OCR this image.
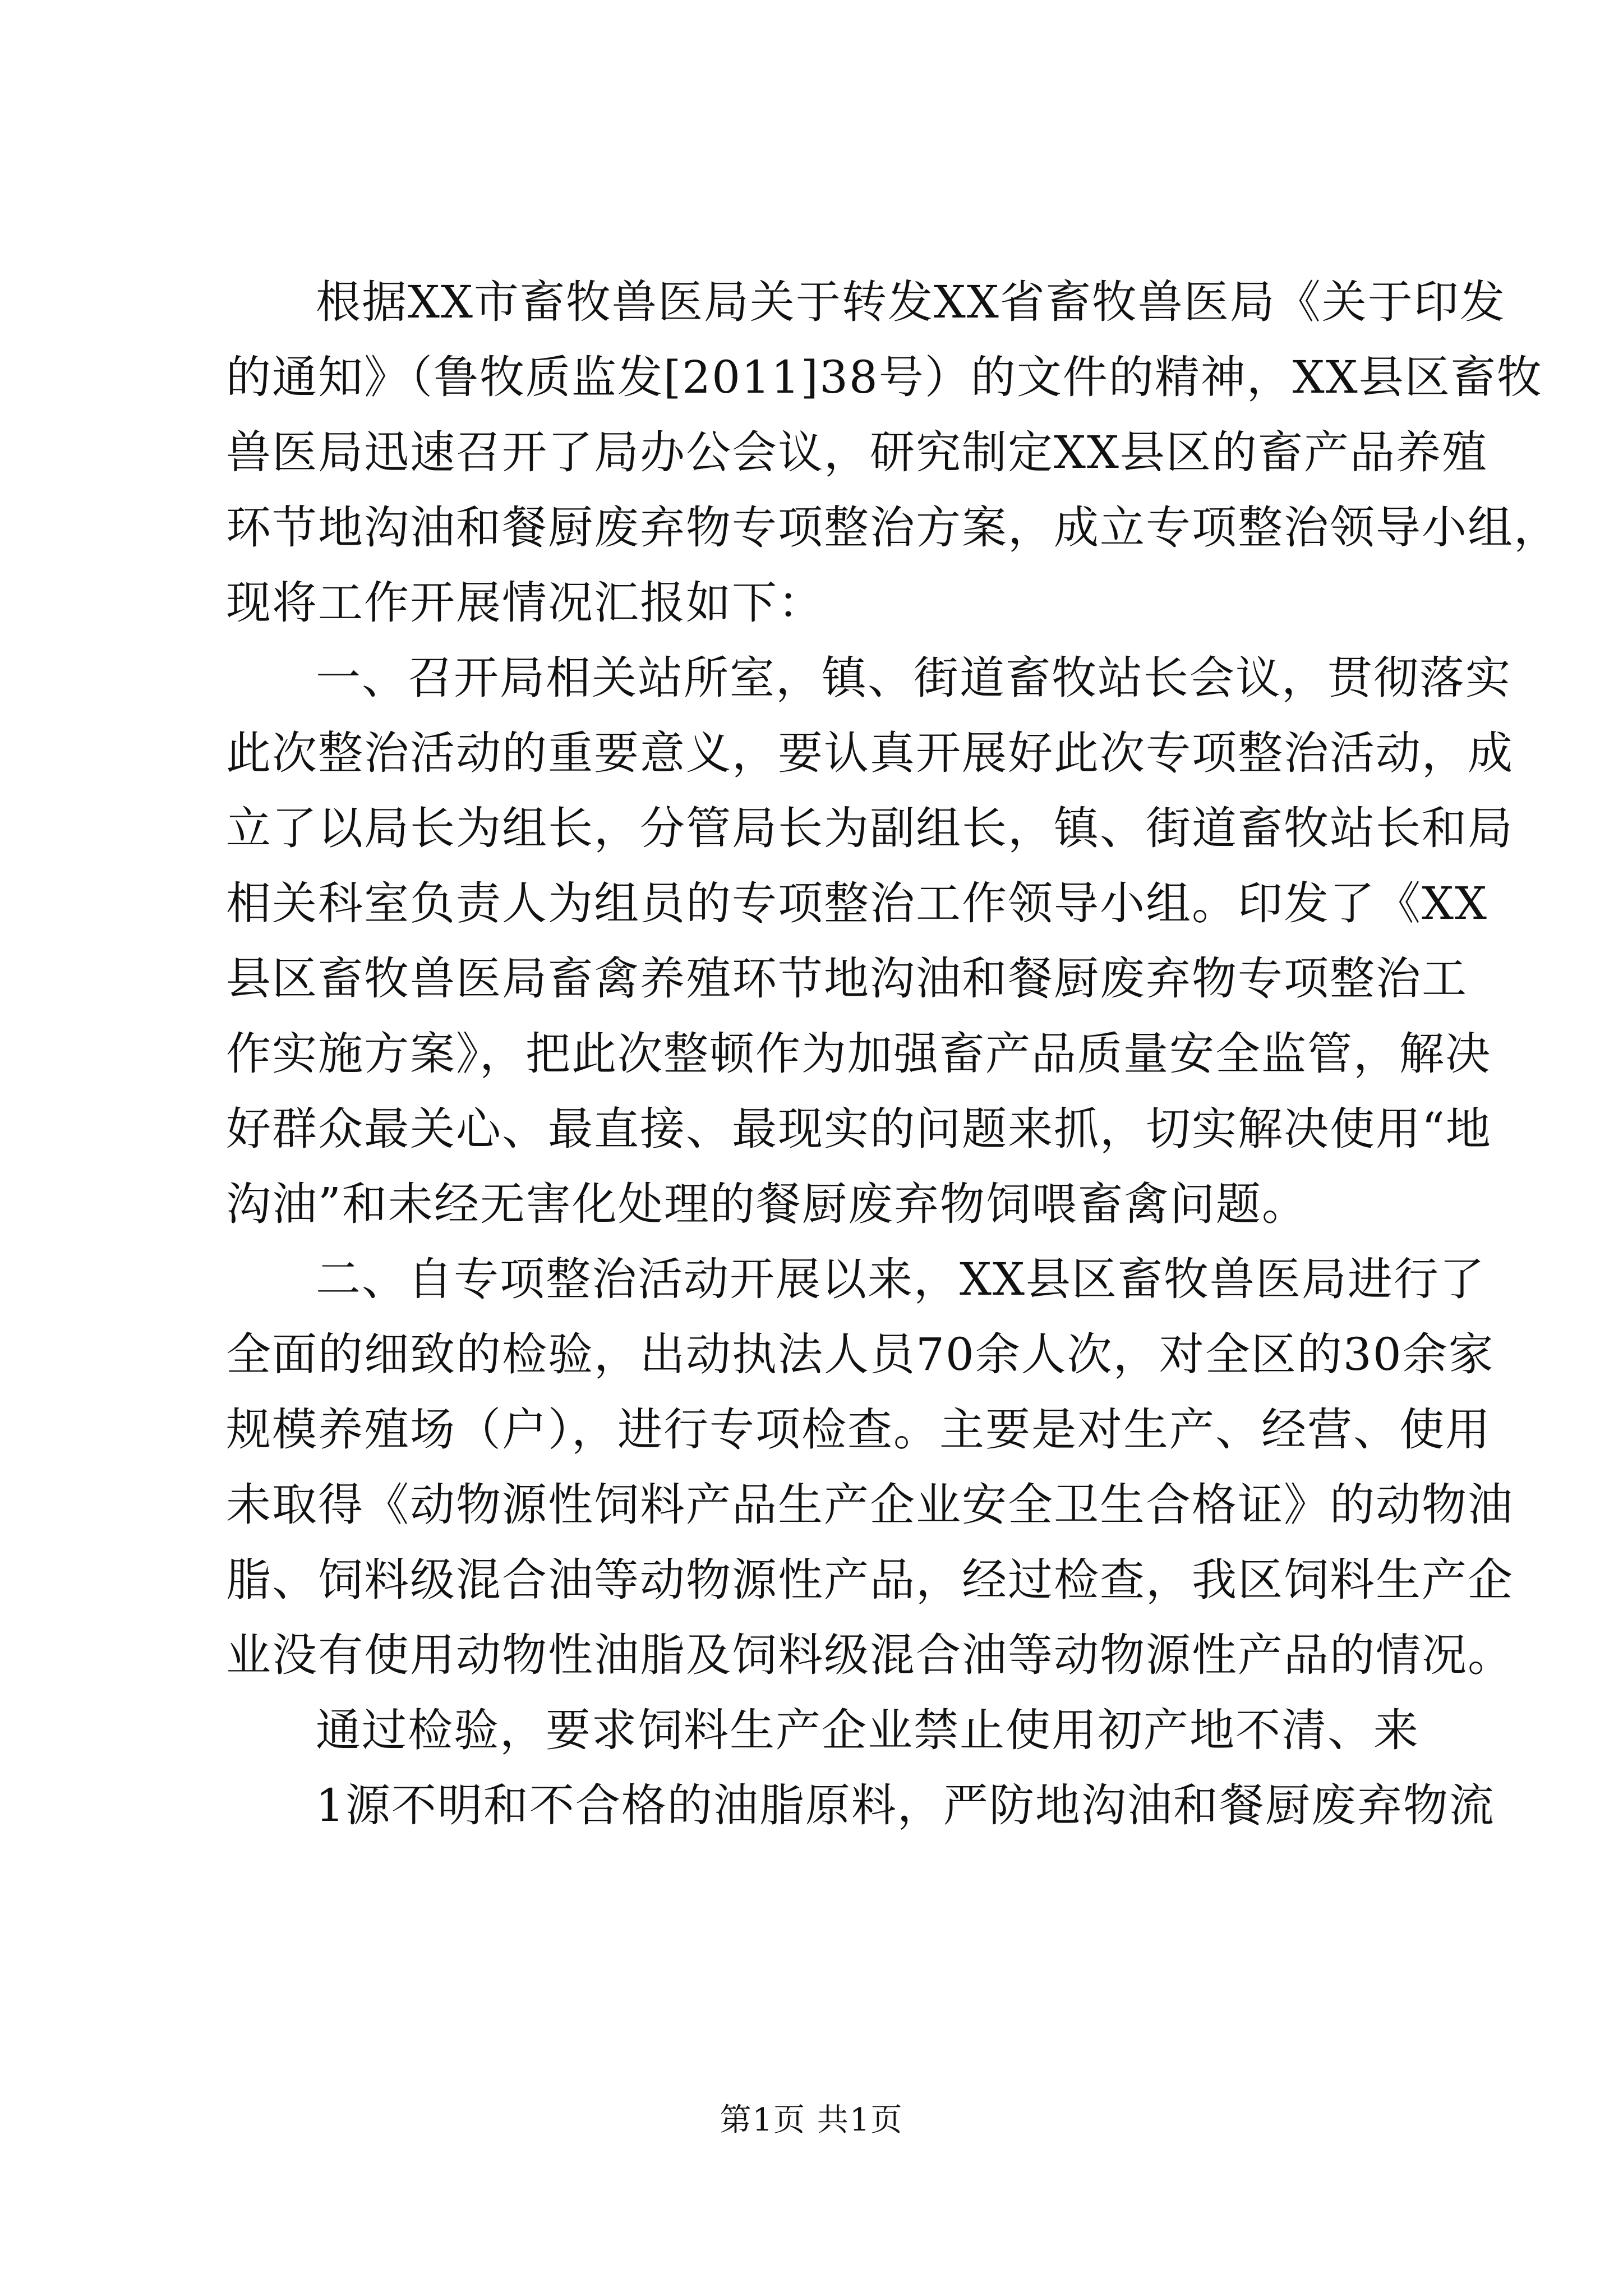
根据XX市畜牧兽医局关于转发XX省畜牧兽医局《关于印发
的通知》（鲁牧质监发[2011]38号）的文件的精神，XX县区畜牧
兽医局迅速召开了局办公会议，研究制定XX县区的畜产品养殖
环节地沟油和餐厨废弃物专项整治方案，成立专项整治领导小组，
现将工作开展情况汇报如下：
一、召开局相关站所室，镇、街道畜牧站长会议，贯彻落实
此次整治活动的重要意义，要认真开展好此次专项整治活动，成
立了以局长为组长，分管局长为副组长，镇、街道畜牧站长和局
相关科室负责人为组员的专项整治工作领导小组。印发了《XX
县区畜牧兽医局畜禽养殖环节地沟油和餐厨废弃物专项整治工
作实施方案》，把此次整顿作为加强畜产品质量安全监管，解决
好群众最关心、最直接、最现实的问题来抓，切实解决使用“地
沟油”和未经无害化处理的餐厨废弃物饲喂畜禽问题。
二、自专项整治活动开展以来，XX县区畜牧兽医局进行了
全面的细致的检验，出动执法人员70余人次，对全区的30余家
规模养殖场（户），进行专项检查。主要是对生产、经营、使用
未取得《动物源性饲料产品生产企业安全卫生合格证》的动物油
脂、饲料级混合油等动物源性产品，经过检查，我区饲料生产企
业没有使用动物性油脂及饲料级混合油等动物源性产品的情况。
通过检验，要求饲料生产企业禁止使用初产地不清、来
1源不明和不合格的油脂原料，严防地沟油和餐厨废弃物流
第1页 共1页
